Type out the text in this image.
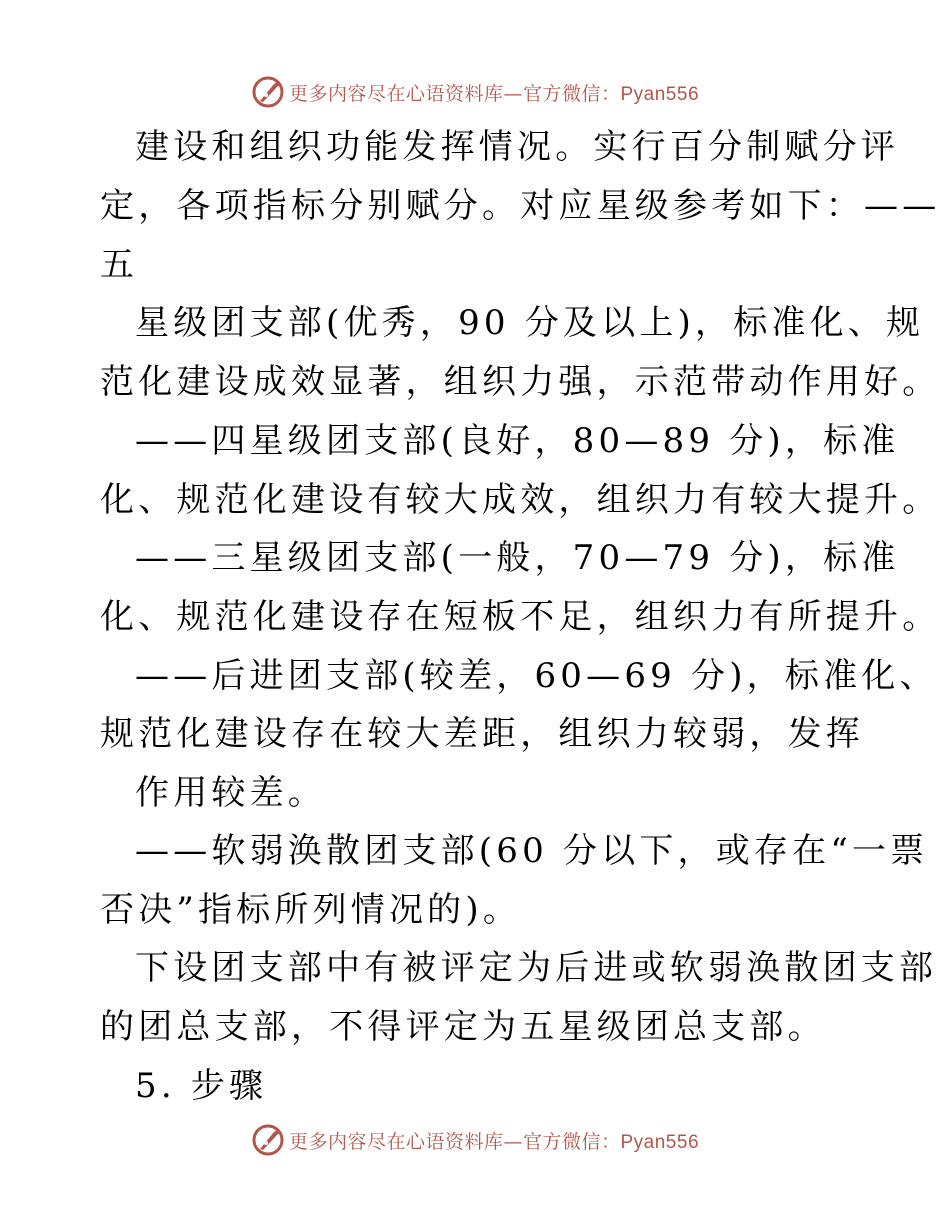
更多内容尽在心语资料库—官方微信：Pyan556
建设和组织功能发挥情况。实行百分制赋分评
定，各项指标分别赋分。对应星级参考如下：——
五
星级团支部(优秀，90 分及以上)，标准化、规
范化建设成效显著，组织力强，示范带动作用好。
——四星级团支部(良好，80—89 分)，标准
化、规范化建设有较大成效，组织力有较大提升。
——三星级团支部(一般，70—79 分)，标准
化、规范化建设存在短板不足，组织力有所提升。
——后进团支部(较差，60—69 分)，标准化、
规范化建设存在较大差距，组织力较弱，发挥
作用较差。
——软弱涣散团支部(60 分以下，或存在“一票
否决”指标所列情况的)。
下设团支部中有被评定为后进或软弱涣散团支部
的团总支部，不得评定为五星级团总支部。
5. 步骤
更多内容尽在心语资料库—官方微信：Pyan556
